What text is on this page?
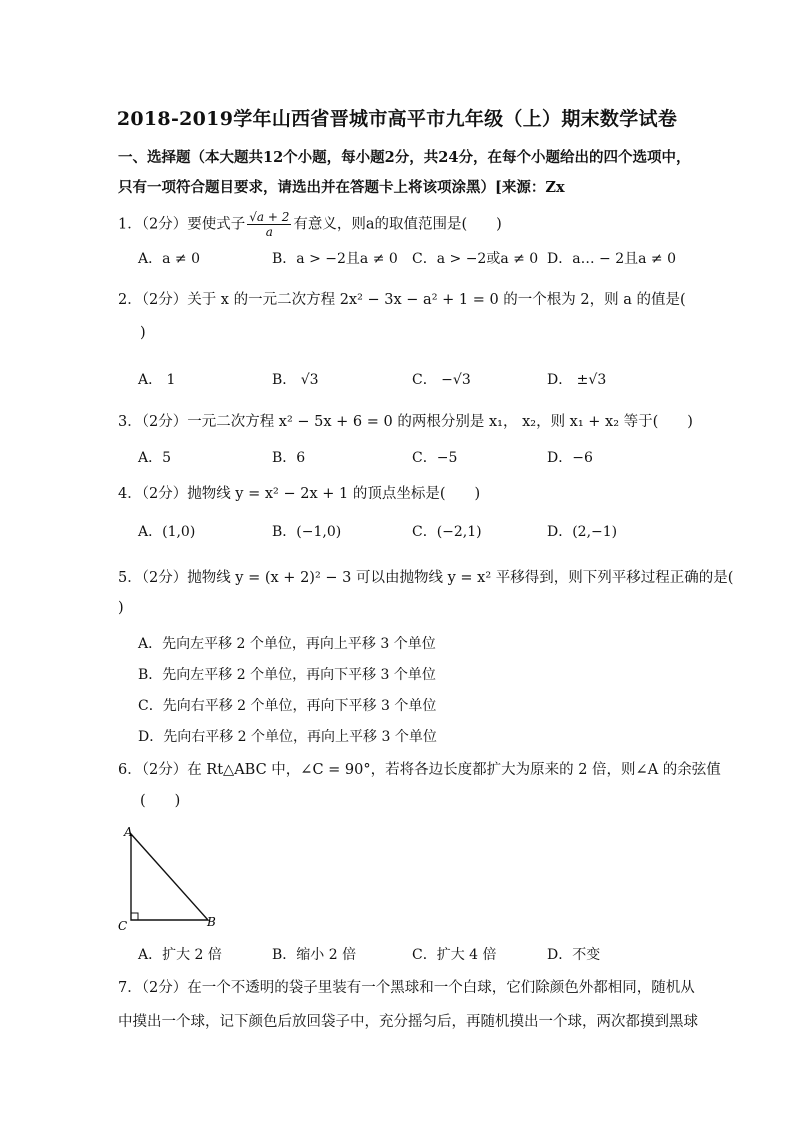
2018-2019学年山西省晋城市高平市九年级（上）期末数学试卷
一、选择题（本大题共12个小题，每小题2分，共24分，在每个小题给出的四个选项中，
只有一项符合题目要求，请选出并在答题卡上将该项涂黑）[来源：Zx
1．（2分）要使式子 $\frac{√a + 2}{a}$ 有意义，则a的取值范围是(　　)
A．a ≠ 0	B．a > −2且a ≠ 0 C．a > −2或a ≠ 0 D．a… − 2且a ≠ 0
2．（2分）关于 x 的一元二次方程 2x² − 3x − a² + 1 = 0 的一个根为 2，则 a 的值是(
)
A． 1	B． √3	C． −√3	D． ±√3
3．（2分）一元二次方程 x² − 5x + 6 = 0 的两根分别是 x₁， x₂，则 x₁ + x₂ 等于(　　)
A．5	B．6	C．−5	D．−6
4．（2分）抛物线 y = x² − 2x + 1 的顶点坐标是(　　)
A．(1,0)	B．(−1,0)	C．(−2,1)	D．(2,−1)
5．（2分）抛物线 y = (x + 2)² − 3 可以由抛物线 y = x² 平移得到，则下列平移过程正确的是(
)
A．先向左平移 2 个单位，再向上平移 3 个单位
B．先向左平移 2 个单位，再向下平移 3 个单位
C．先向右平移 2 个单位，再向下平移 3 个单位
D．先向右平移 2 个单位，再向上平移 3 个单位
6．（2分）在 Rt△ABC 中，∠C = 90°，若将各边长度都扩大为原来的 2 倍，则∠A 的余弦值
(　　)
A
B
C
A．扩大 2 倍	B．缩小 2 倍	C．扩大 4 倍	D．不变
7．（2分）在一个不透明的袋子里装有一个黑球和一个白球，它们除颜色外都相同，随机从
中摸出一个球，记下颜色后放回袋子中，充分摇匀后，再随机摸出一个球，两次都摸到黑球
